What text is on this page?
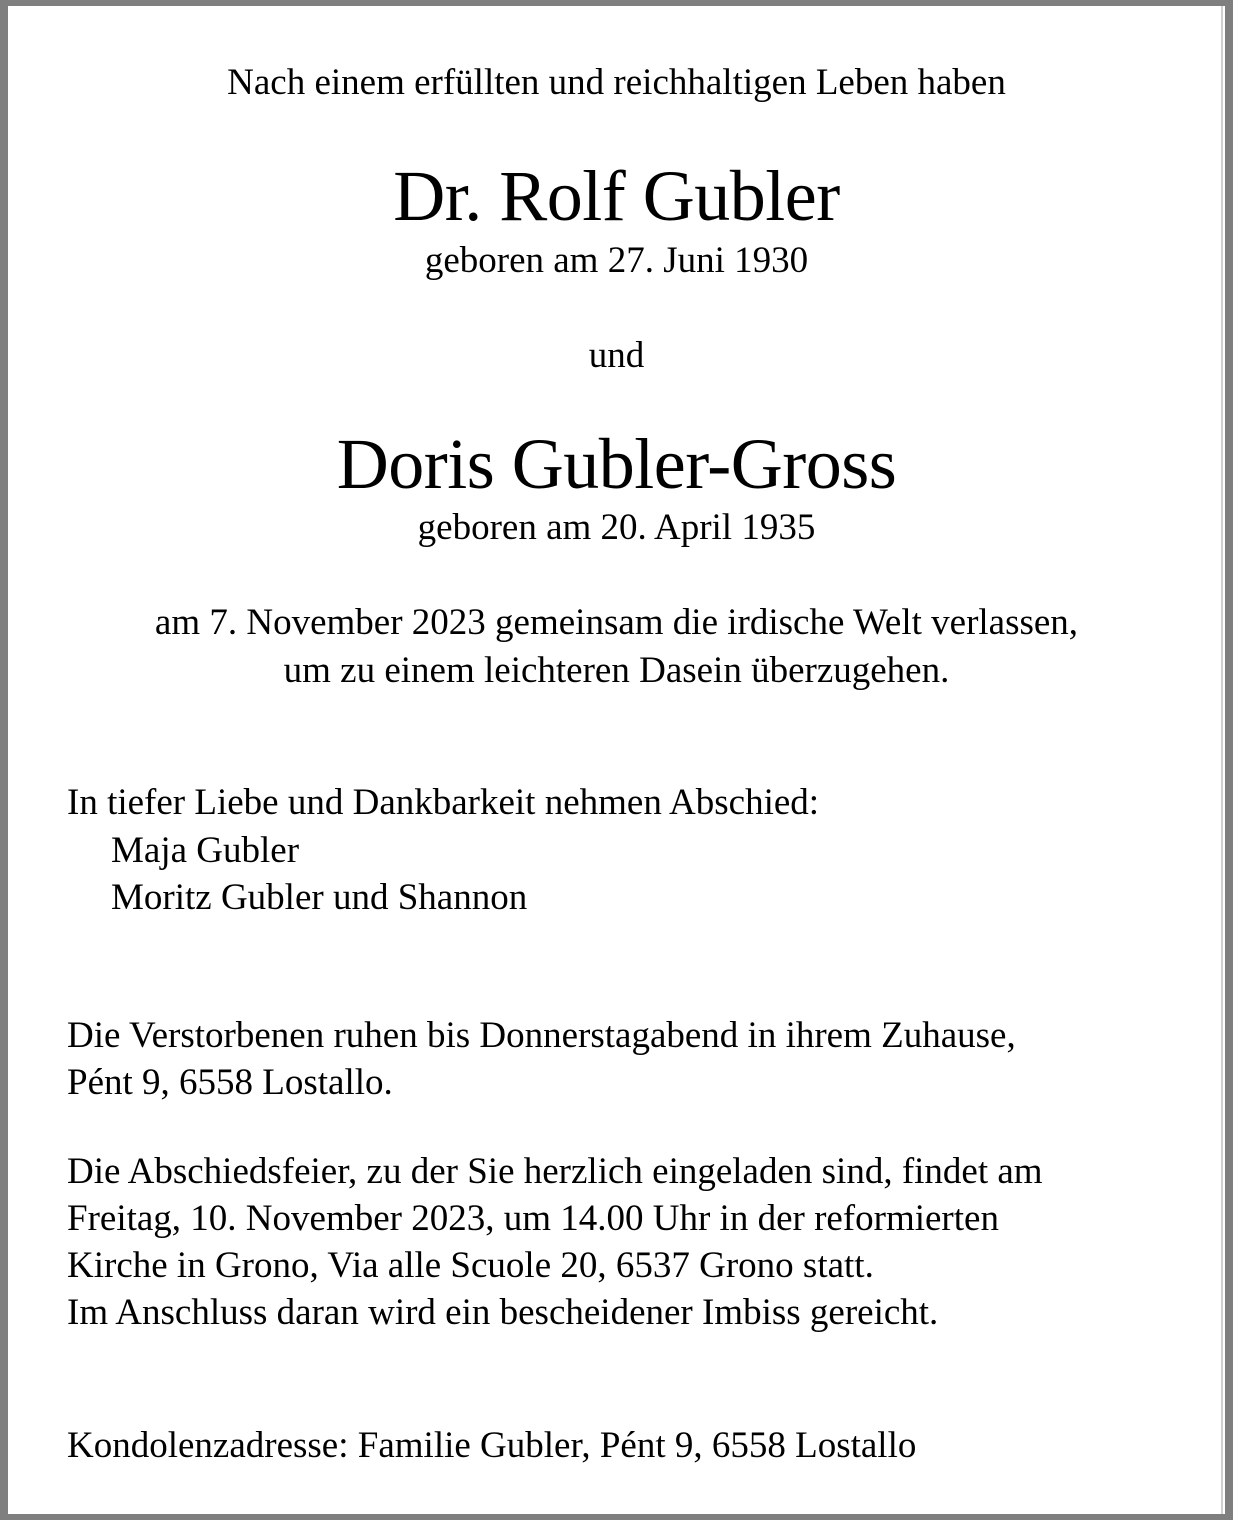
Nach einem erfüllten und reichhaltigen Leben haben

Dr. Rolf Gubler

geboren am 27. Juni 1930

und

Doris Gubler-Gross

geboren am 20. April 1935

am 7. November 2023 gemeinsam die irdische Welt verlassen,

um zu einem leichteren Dasein überzugehen.

In tiefer Liebe und Dankbarkeit nehmen Abschied:

Maja Gubler

Moritz Gubler und Shannon

Die Verstorbenen ruhen bis Donnerstagabend in ihrem Zuhause,

Pént 9, 6558 Lostallo.

Die Abschiedsfeier, zu der Sie herzlich eingeladen sind, findet am

Freitag, 10. November 2023, um 14.00 Uhr in der reformierten

Kirche in Grono, Via alle Scuole 20, 6537 Grono statt.

Im Anschluss daran wird ein bescheidener Imbiss gereicht.

Kondolenzadresse: Familie Gubler, Pént 9, 6558 Lostallo
